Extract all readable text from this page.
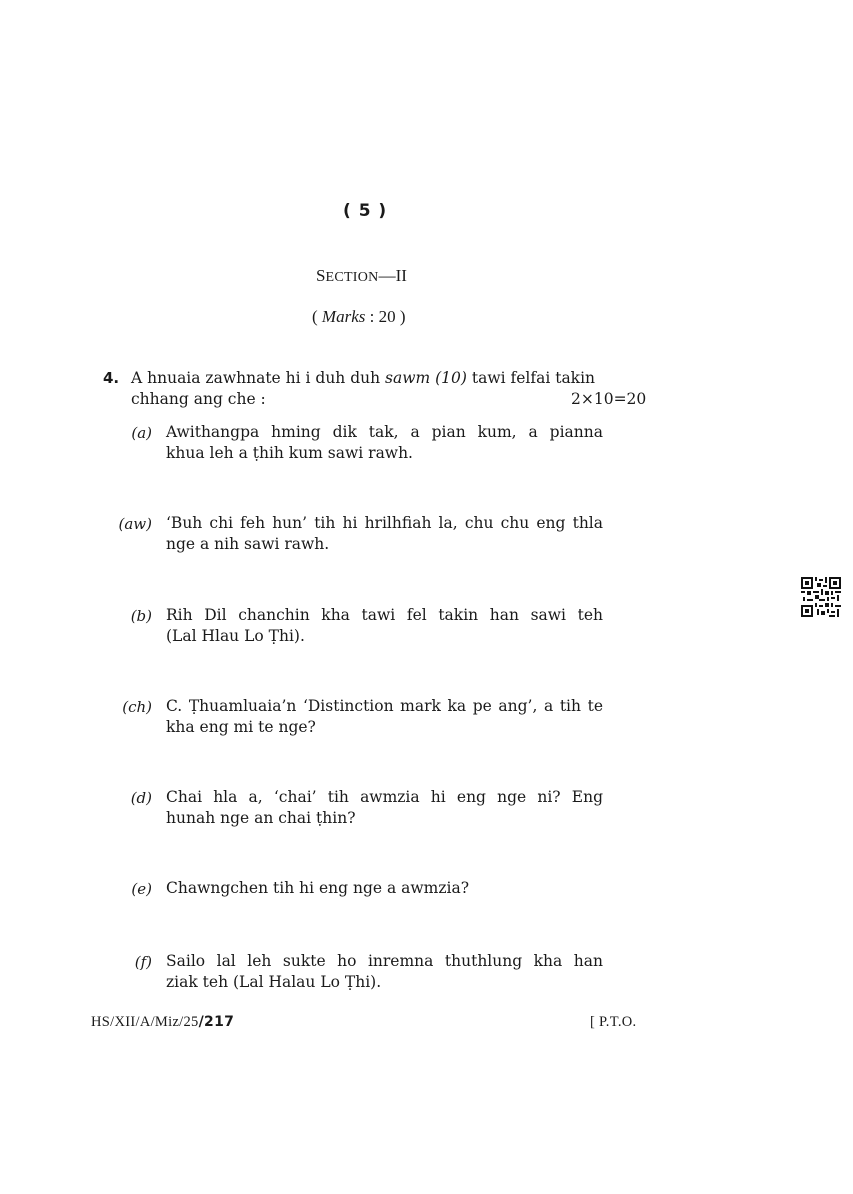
( 5 )
SECTION—II
( Marks : 20 )
4. A hnuaia zawhnate hi i duh duh sawm (10) tawi felfai takin
chhang ang che :	2×10=20
(a) Awithangpa hming dik tak, a pian kum, a pianna
khua leh a ṭhih kum sawi rawh.
(aw) ‘Buh chi feh hun’ tih hi hrilhfiah la, chu chu eng thla
nge a nih sawi rawh.
(b) Rih Dil chanchin kha tawi fel takin han sawi teh
(Lal Hlau Lo Ṭhi).
(ch) C. Ṭhuamluaia’n ‘Distinction mark ka pe ang’, a tih te
kha eng mi te nge?
(d) Chai hla a, ‘chai’ tih awmzia hi eng nge ni? Eng
hunah nge an chai ṭhin?
(e) Chawngchen tih hi eng nge a awmzia?
(f) Sailo lal leh sukte ho inremna thuthlung kha han
ziak teh (Lal Halau Lo Ṭhi).
HS/XII/A/Miz/25/217	[ P.T.O.
